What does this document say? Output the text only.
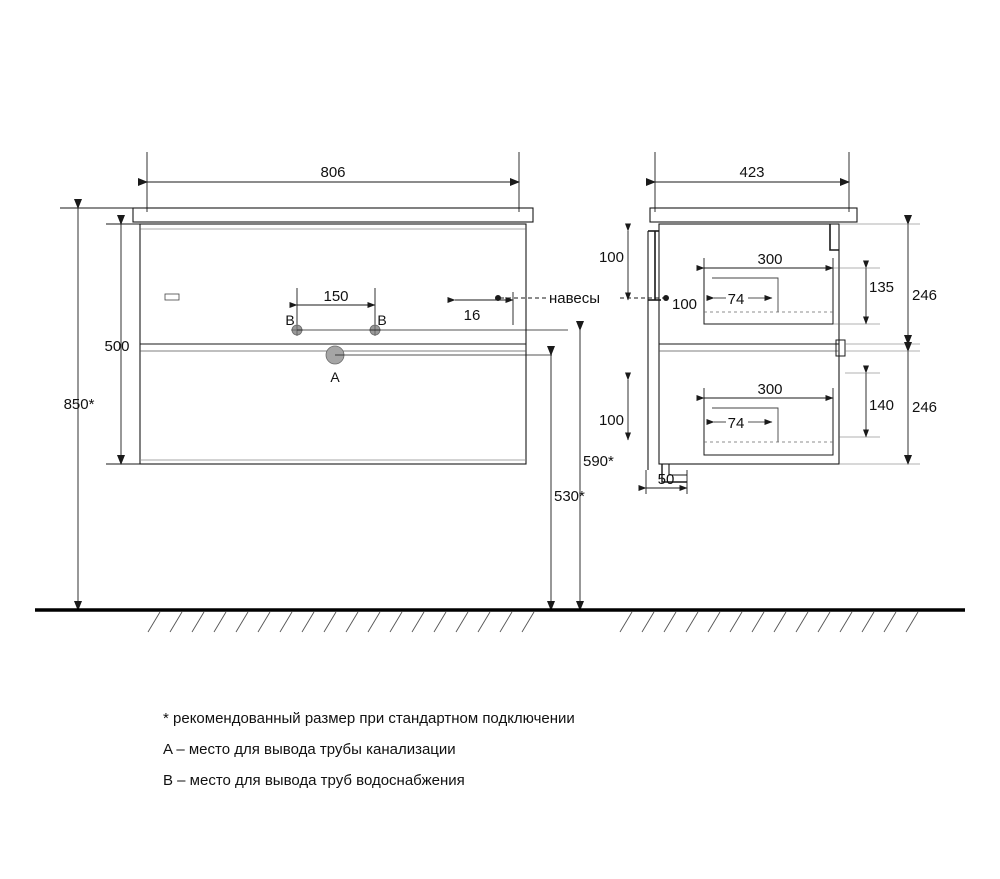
806	423
500
850*
150
16
B	B
A
590*
530*
100
100
300
74
135 246
100
300
74
140 246
50
навесы
* рекомендованный размер при стандартном подключении
A – место для вывода трубы канализации
B – место для вывода труб водоснабжения
